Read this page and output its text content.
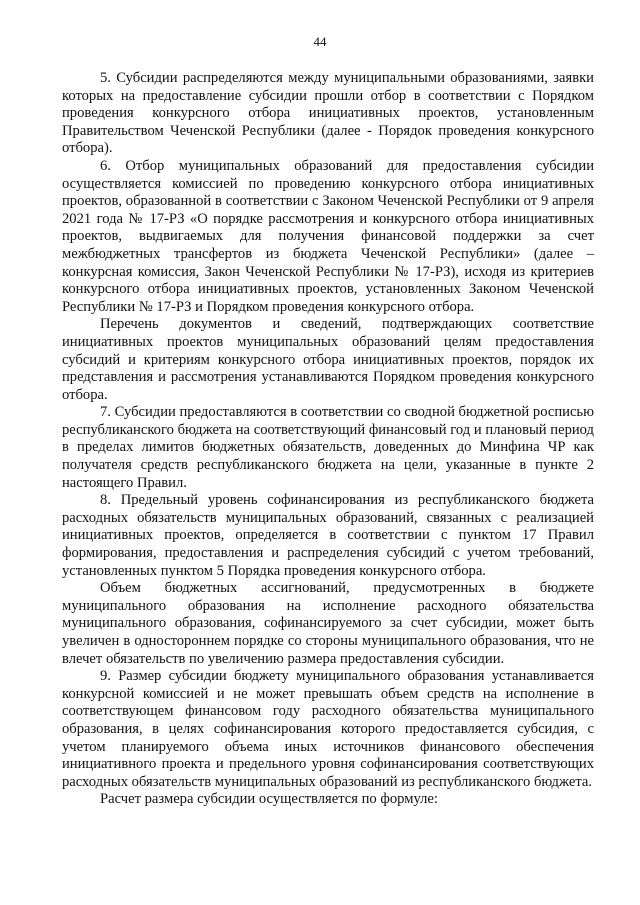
44

5. Субсидии распределяются между муниципальными образованиями, заявки которых на предоставление субсидии прошли отбор в соответствии с Порядком проведения конкурсного отбора инициативных проектов, установленным Правительством Чеченской Республики (далее - Порядок проведения конкурсного отбора).

6. Отбор муниципальных образований для предоставления субсидии осуществляется комиссией по проведению конкурсного отбора инициативных проектов, образованной в соответствии с Законом Чеченской Республики от 9 апреля 2021 года № 17-РЗ «О порядке рассмотрения и конкурсного отбора инициативных проектов, выдвигаемых для получения финансовой поддержки за счет межбюджетных трансфертов из бюджета Чеченской Республики» (далее – конкурсная комиссия, Закон Чеченской Республики № 17-РЗ), исходя из критериев конкурсного отбора инициативных проектов, установленных Законом Чеченской Республики № 17-РЗ и Порядком проведения конкурсного отбора.

Перечень документов и сведений, подтверждающих соответствие инициативных проектов муниципальных образований целям предоставления субсидий и критериям конкурсного отбора инициативных проектов, порядок их представления и рассмотрения устанавливаются Порядком проведения конкурсного отбора.

7. Субсидии предоставляются в соответствии со сводной бюджетной росписью республиканского бюджета на соответствующий финансовый год и плановый период в пределах лимитов бюджетных обязательств, доведенных до Минфина ЧР как получателя средств республиканского бюджета на цели, указанные в пункте 2 настоящего Правил.

8. Предельный уровень софинансирования из республиканского бюджета расходных обязательств муниципальных образований, связанных с реализацией инициативных проектов, определяется в соответствии с пунктом 17 Правил формирования, предоставления и распределения субсидий с учетом требований, установленных пунктом 5 Порядка проведения конкурсного отбора.

Объем бюджетных ассигнований, предусмотренных в бюджете муниципального образования на исполнение расходного обязательства муниципального образования, софинансируемого за счет субсидии, может быть увеличен в одностороннем порядке со стороны муниципального образования, что не влечет обязательств по увеличению размера предоставления субсидии.

9. Размер субсидии бюджету муниципального образования устанавливается конкурсной комиссией и не может превышать объем средств на исполнение в соответствующем финансовом году расходного обязательства муниципального образования, в целях софинансирования которого предоставляется субсидия, с учетом планируемого объема иных источников финансового обеспечения инициативного проекта и предельного уровня софинансирования соответствующих расходных обязательств муниципальных образований из республиканского бюджета.

Расчет размера субсидии осуществляется по формуле:
